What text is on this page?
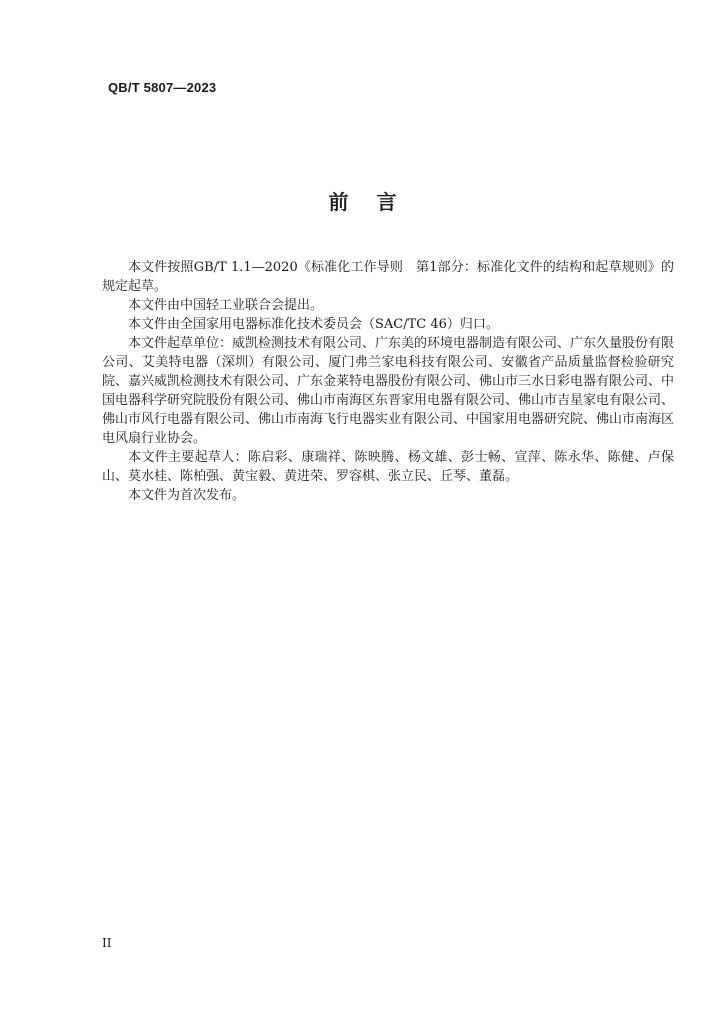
QB/T 5807—2023
前言

本文件按照GB/T 1.1—2020《标准化工作导则　第1部分：标准化文件的结构和起草规则》的规定起草。

本文件由中国轻工业联合会提出。

本文件由全国家用电器标准化技术委员会（SAC/TC 46）归口。

本文件起草单位：威凯检测技术有限公司、广东美的环境电器制造有限公司、广东久量股份有限公司、艾美特电器（深圳）有限公司、厦门弗兰家电科技有限公司、安徽省产品质量监督检验研究院、嘉兴威凯检测技术有限公司、广东金莱特电器股份有限公司、佛山市三水日彩电器有限公司、中国电器科学研究院股份有限公司、佛山市南海区东晋家用电器有限公司、佛山市吉星家电有限公司、佛山市风行电器有限公司、佛山市南海飞行电器实业有限公司、中国家用电器研究院、佛山市南海区电风扇行业协会。

本文件主要起草人：陈启彩、康瑞祥、陈映腾、杨文雄、彭士畅、宣萍、陈永华、陈健、卢保山、莫水桂、陈柏强、黄宝毅、黄进荣、罗容棋、张立民、丘琴、董磊。

本文件为首次发布。

II
